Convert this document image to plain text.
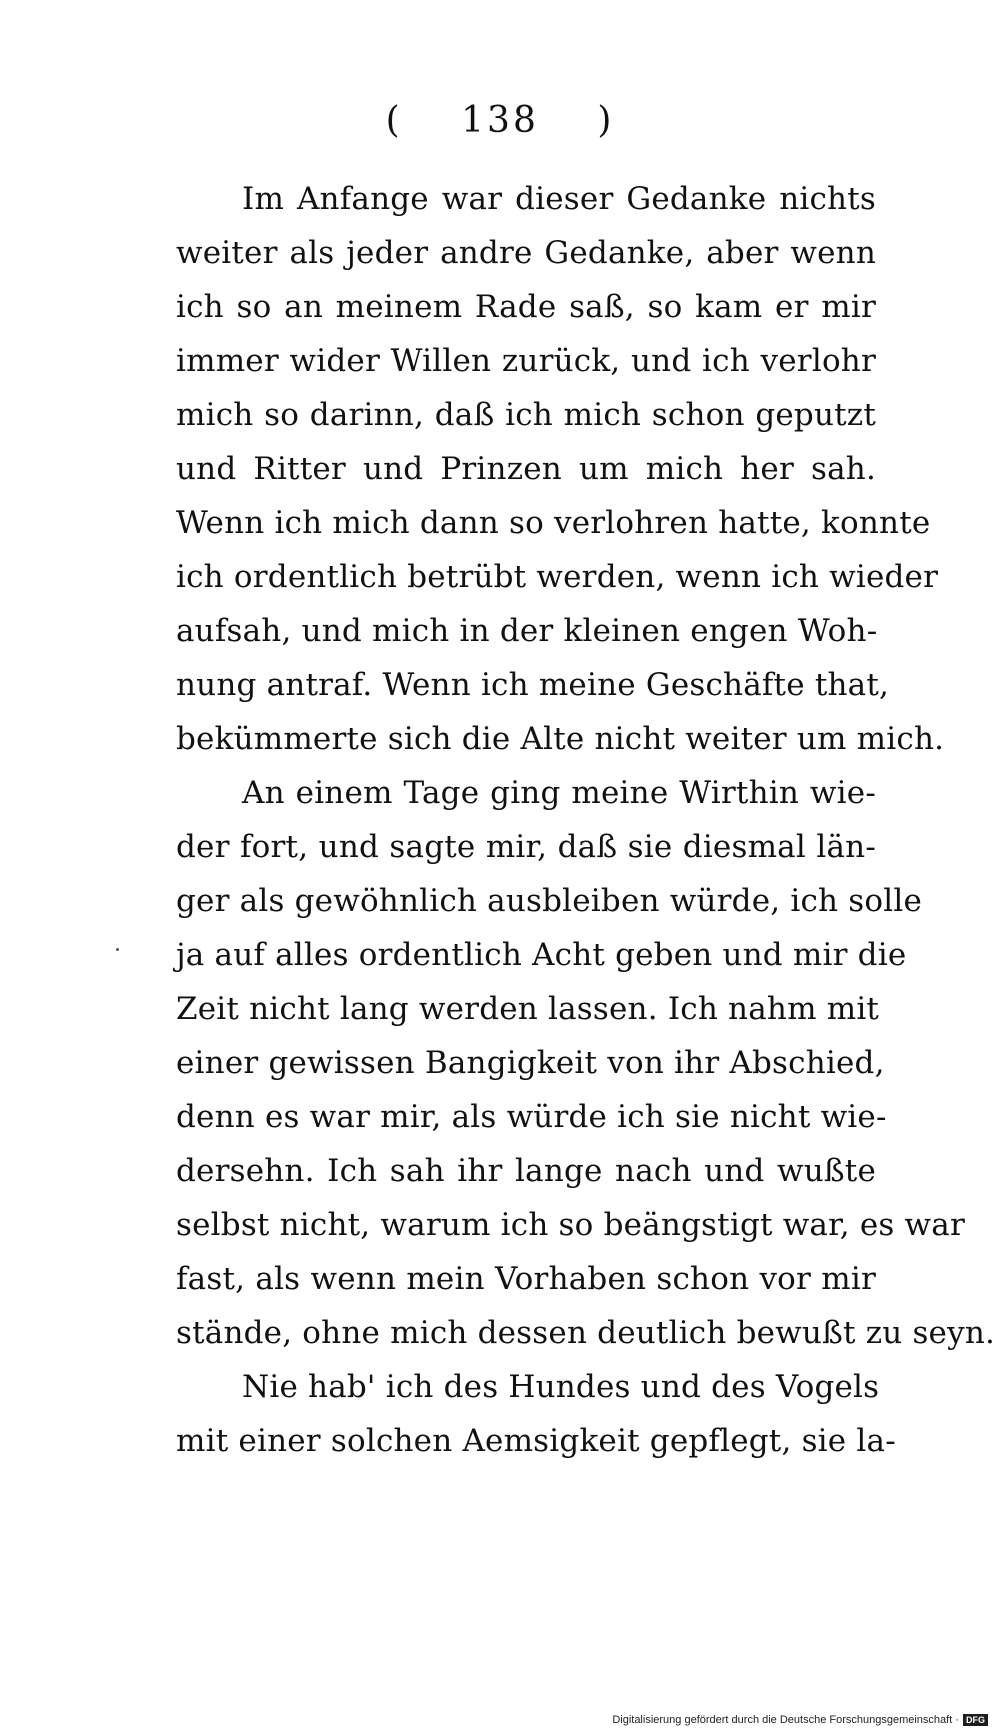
( 138 )
Im Anfange war dieser Gedanke nichts
weiter als jeder andre Gedanke, aber wenn
ich so an meinem Rade saß, so kam er mir
immer wider Willen zurück, und ich verlohr
mich so darinn, daß ich mich schon geputzt
und Ritter und Prinzen um mich her sah.
Wenn ich mich dann so verlohren hatte, konnte
ich ordentlich betrübt werden, wenn ich wieder
aufsah, und mich in der kleinen engen Woh-
nung antraf. Wenn ich meine Geschäfte that,
bekümmerte sich die Alte nicht weiter um mich.
An einem Tage ging meine Wirthin wie-
der fort, und sagte mir, daß sie diesmal län-
ger als gewöhnlich ausbleiben würde, ich solle
ja auf alles ordentlich Acht geben und mir die
Zeit nicht lang werden lassen. Ich nahm mit
einer gewissen Bangigkeit von ihr Abschied,
denn es war mir, als würde ich sie nicht wie-
dersehn. Ich sah ihr lange nach und wußte
selbst nicht, warum ich so beängstigt war, es war
fast, als wenn mein Vorhaben schon vor mir
stände, ohne mich dessen deutlich bewußt zu seyn.
Nie hab' ich des Hundes und des Vogels
mit einer solchen Aemsigkeit gepflegt, sie la-
Digitalisierung gefördert durch die Deutsche Forschungsgemeinschaft · DFG
